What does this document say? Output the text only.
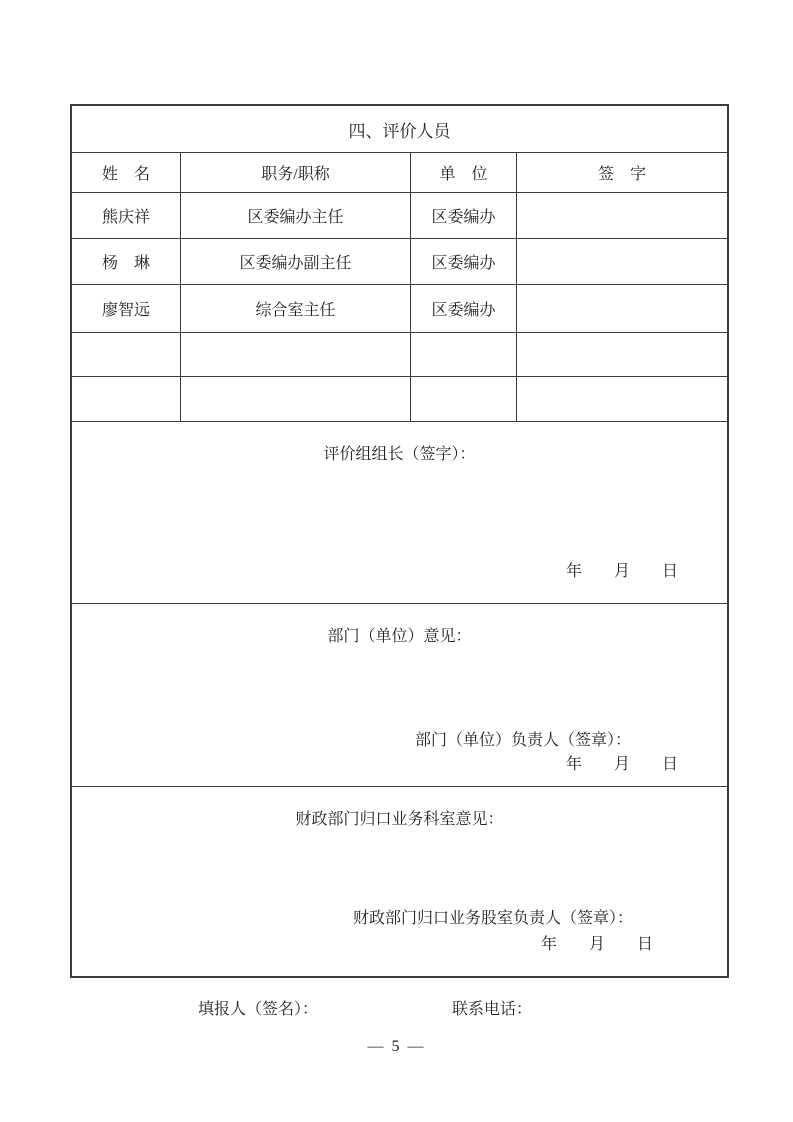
四、评价人员
姓　名	职务/职称	单　位	签　字
熊庆祥	区委编办主任	区委编办
杨　琳	区委编办副主任	区委编办
廖智远	综合室主任	区委编办
评价组组长（签字）：
年　　月　　日
部门（单位）意见：
部门（单位）负责人（签章）：
年　　月　　日
财政部门归口业务科室意见：
财政部门归口业务股室负责人（签章）：
年　　月　　日
填报人（签名）：	联系电话：
— 5 —
